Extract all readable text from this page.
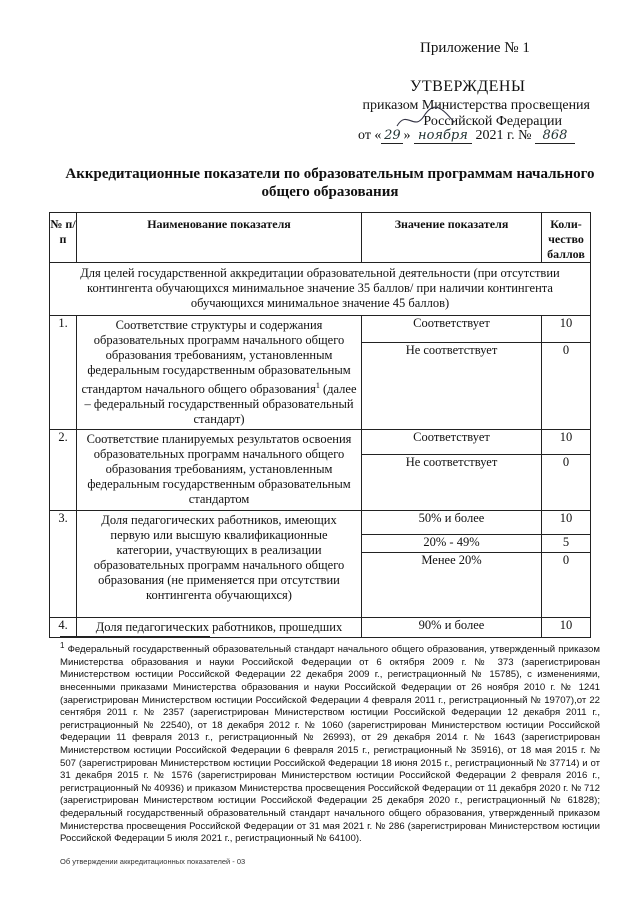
Приложение № 1
УТВЕРЖДЕНЫ
приказом Министерства просвещения
Российской Федерации
от « 29 » ноября 2021 г. № 868
Аккредитационные показатели по образовательным программам начального общего образования
№ п/п	Наименование показателя	Значение показателя	Коли-чество баллов

Для целей государственной аккредитации образовательной деятельности (при отсутствии контингента обучающихся минимальное значение 35 баллов/ при наличии контингента обучающихся минимальное значение 45 баллов)			
1.	Соответствие структуры и содержания образовательных программ начального общего образования требованиям, установленным федеральным государственным образовательным стандартом начального общего образования$^1$ (далее – федеральный государственный образовательный стандарт)	Соответствует	10
		Не соответствует	0
2.	Соответствие планируемых результатов освоения образовательных программ начального общего образования требованиям, установленным федеральным государственным образовательным стандартом	Соответствует	10
		Не соответствует	0
3.	Доля педагогических работников, имеющих первую или высшую квалификационные категории, участвующих в реализации образовательных программ начального общего образования (не применяется при отсутствии контингента обучающихся)	50% и более	10
		20% - 49%	5
		Менее 20%	0
4.	Доля педагогических работников, прошедших	90% и более	10
$^1$ Федеральный государственный образовательный стандарт начального общего образования, утвержденный приказом Министерства образования и науки Российской Федерации от 6 октября 2009 г. № 373 (зарегистрирован Министерством юстиции Российской Федерации 22 декабря 2009 г., регистрационный № 15785), с изменениями, внесенными приказами Министерства образования и науки Российской Федерации от 26 ноября 2010 г. № 1241 (зарегистрирован Министерством юстиции Российской Федерации 4 февраля 2011 г., регистрационный № 19707),от 22 сентября 2011 г. № 2357 (зарегистрирован Министерством юстиции Российской Федерации 12 декабря 2011 г., регистрационный № 22540), от 18 декабря 2012 г. № 1060 (зарегистрирован Министерством юстиции Российской Федерации 11 февраля 2013 г., регистрационный № 26993), от 29 декабря 2014 г. № 1643 (зарегистрирован Министерством юстиции Российской Федерации 6 февраля 2015 г., регистрационный № 35916), от 18 мая 2015 г. № 507 (зарегистрирован Министерством юстиции Российской Федерации 18 июня 2015 г., регистрационный № 37714) и от 31 декабря 2015 г. № 1576 (зарегистрирован Министерством юстиции Российской Федерации 2 февраля 2016 г., регистрационный № 40936) и приказом Министерства просвещения Российской Федерации от 11 декабря 2020 г. № 712 (зарегистрирован Министерством юстиции Российской Федерации 25 декабря 2020 г., регистрационный № 61828); федеральный государственный образовательный стандарт начального общего образования, утвержденный приказом Министерства просвещения Российской Федерации от 31 мая 2021 г. № 286 (зарегистрирован Министерством юстиции Российской Федерации 5 июля 2021 г., регистрационный № 64100).
Об утверждении аккредитационных показателей - 03
